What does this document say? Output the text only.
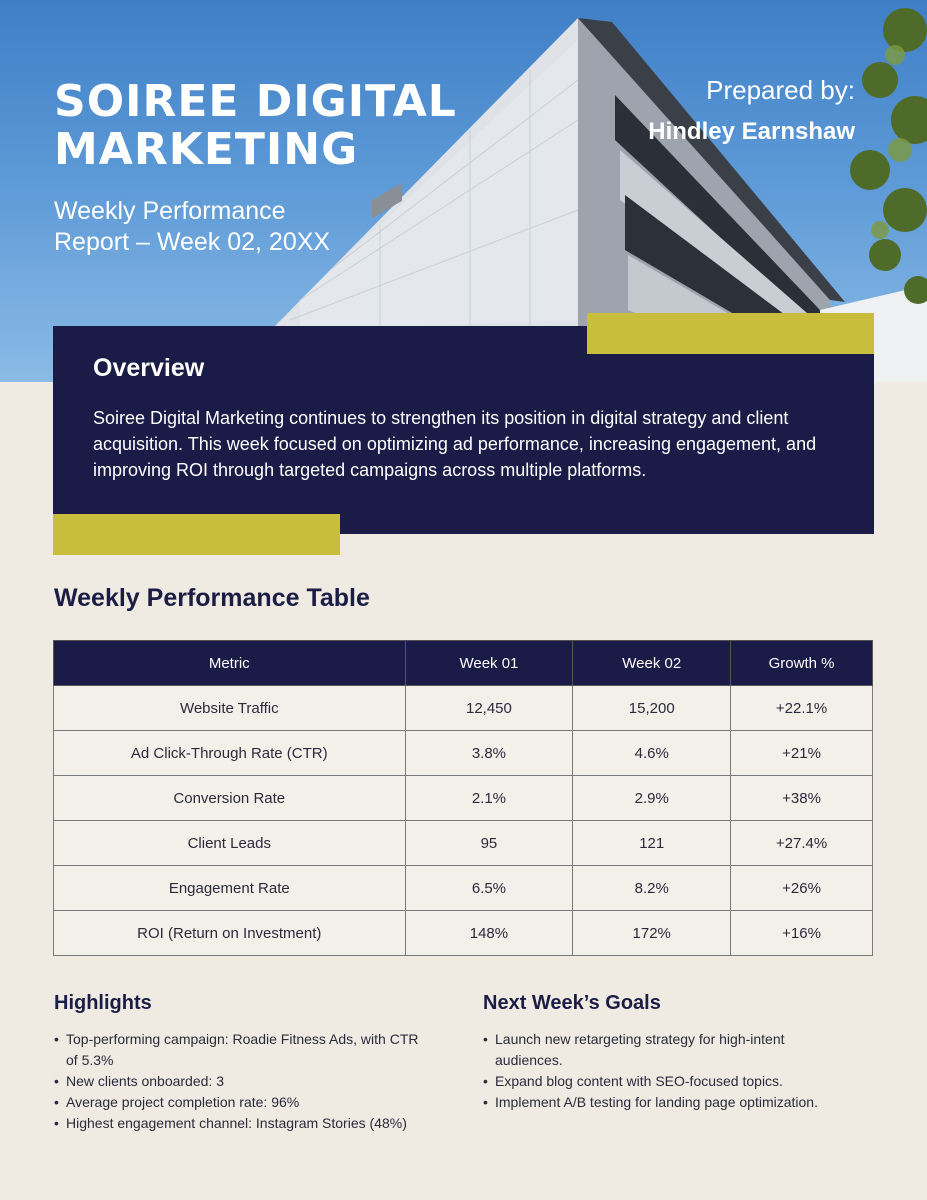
SOIREE DIGITAL MARKETING
Weekly Performance Report – Week 02, 20XX
Prepared by:
Hindley Earnshaw
Overview

Soiree Digital Marketing continues to strengthen its position in digital strategy and client acquisition. This week focused on optimizing ad performance, increasing engagement, and improving ROI through targeted campaigns across multiple platforms.

Weekly Performance Table
Metric	Week 01	Week 02	Growth %
Website Traffic	12,450	15,200	+22.1%
Ad Click-Through Rate (CTR)	3.8%	4.6%	+21%
Conversion Rate	2.1%	2.9%	+38%
Client Leads	95	121	+27.4%
Engagement Rate	6.5%	8.2%	+26%
ROI (Return on Investment)	148%	172%	+16%
Highlights
• Top-performing campaign: Roadie Fitness Ads, with CTR of 5.3%
• New clients onboarded: 3
• Average project completion rate: 96%
• Highest engagement channel: Instagram Stories (48%)
Next Week’s Goals
• Launch new retargeting strategy for high-intent audiences.
• Expand blog content with SEO-focused topics.
• Implement A/B testing for landing page optimization.
